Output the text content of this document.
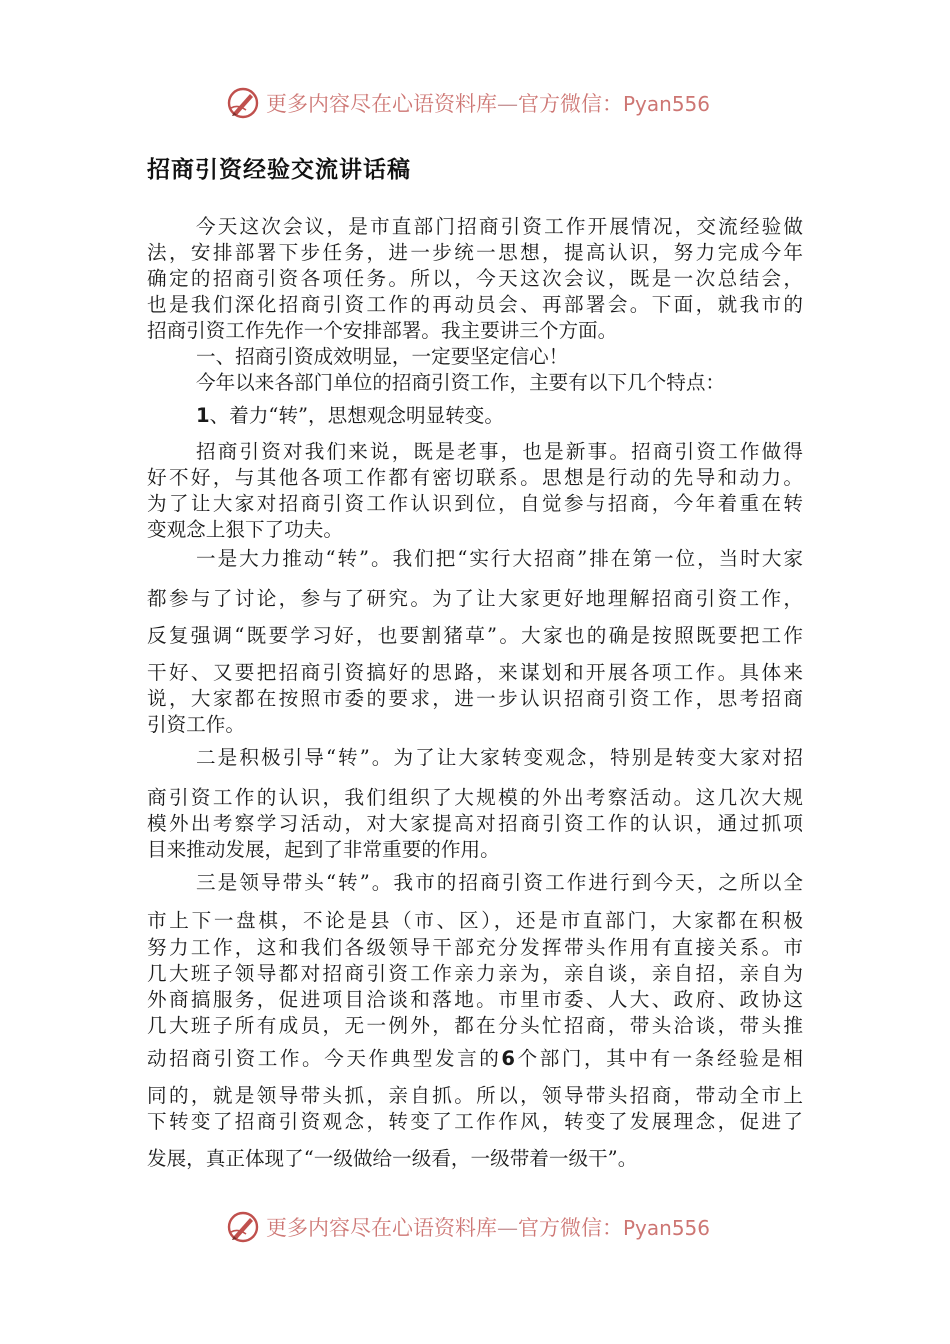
更多内容尽在心语资料库—官方微信：Pyan556
招商引资经验交流讲话稿

今天这次会议，是市直部门招商引资工作开展情况，交流经验做

法，安排部署下步任务，进一步统一思想，提高认识，努力完成今年

确定的招商引资各项任务。所以，今天这次会议，既是一次总结会，

也是我们深化招商引资工作的再动员会、再部署会。下面，就我市的

招商引资工作先作一个安排部署。我主要讲三个方面。

一、招商引资成效明显，一定要坚定信心！

今年以来各部门单位的招商引资工作，主要有以下几个特点：

1、着力“转”，思想观念明显转变。

招商引资对我们来说，既是老事，也是新事。招商引资工作做得

好不好，与其他各项工作都有密切联系。思想是行动的先导和动力。

为了让大家对招商引资工作认识到位，自觉参与招商，今年着重在转

变观念上狠下了功夫。

一是大力推动“转”。我们把“实行大招商”排在第一位，当时大家

都参与了讨论，参与了研究。为了让大家更好地理解招商引资工作，

反复强调“既要学习好，也要割猪草”。大家也的确是按照既要把工作

干好、又要把招商引资搞好的思路，来谋划和开展各项工作。具体来

说，大家都在按照市委的要求，进一步认识招商引资工作，思考招商

引资工作。

二是积极引导“转”。为了让大家转变观念，特别是转变大家对招

商引资工作的认识，我们组织了大规模的外出考察活动。这几次大规

模外出考察学习活动，对大家提高对招商引资工作的认识，通过抓项

目来推动发展，起到了非常重要的作用。

三是领导带头“转”。我市的招商引资工作进行到今天，之所以全

市上下一盘棋，不论是县（市、区），还是市直部门，大家都在积极

努力工作，这和我们各级领导干部充分发挥带头作用有直接关系。市

几大班子领导都对招商引资工作亲力亲为，亲自谈，亲自招，亲自为

外商搞服务，促进项目洽谈和落地。市里市委、人大、政府、政协这

几大班子所有成员，无一例外，都在分头忙招商，带头洽谈，带头推

动招商引资工作。今天作典型发言的6个部门，其中有一条经验是相

同的，就是领导带头抓，亲自抓。所以，领导带头招商，带动全市上

下转变了招商引资观念，转变了工作作风，转变了发展理念，促进了

发展，真正体现了“一级做给一级看，一级带着一级干”。

更多内容尽在心语资料库—官方微信：Pyan556
